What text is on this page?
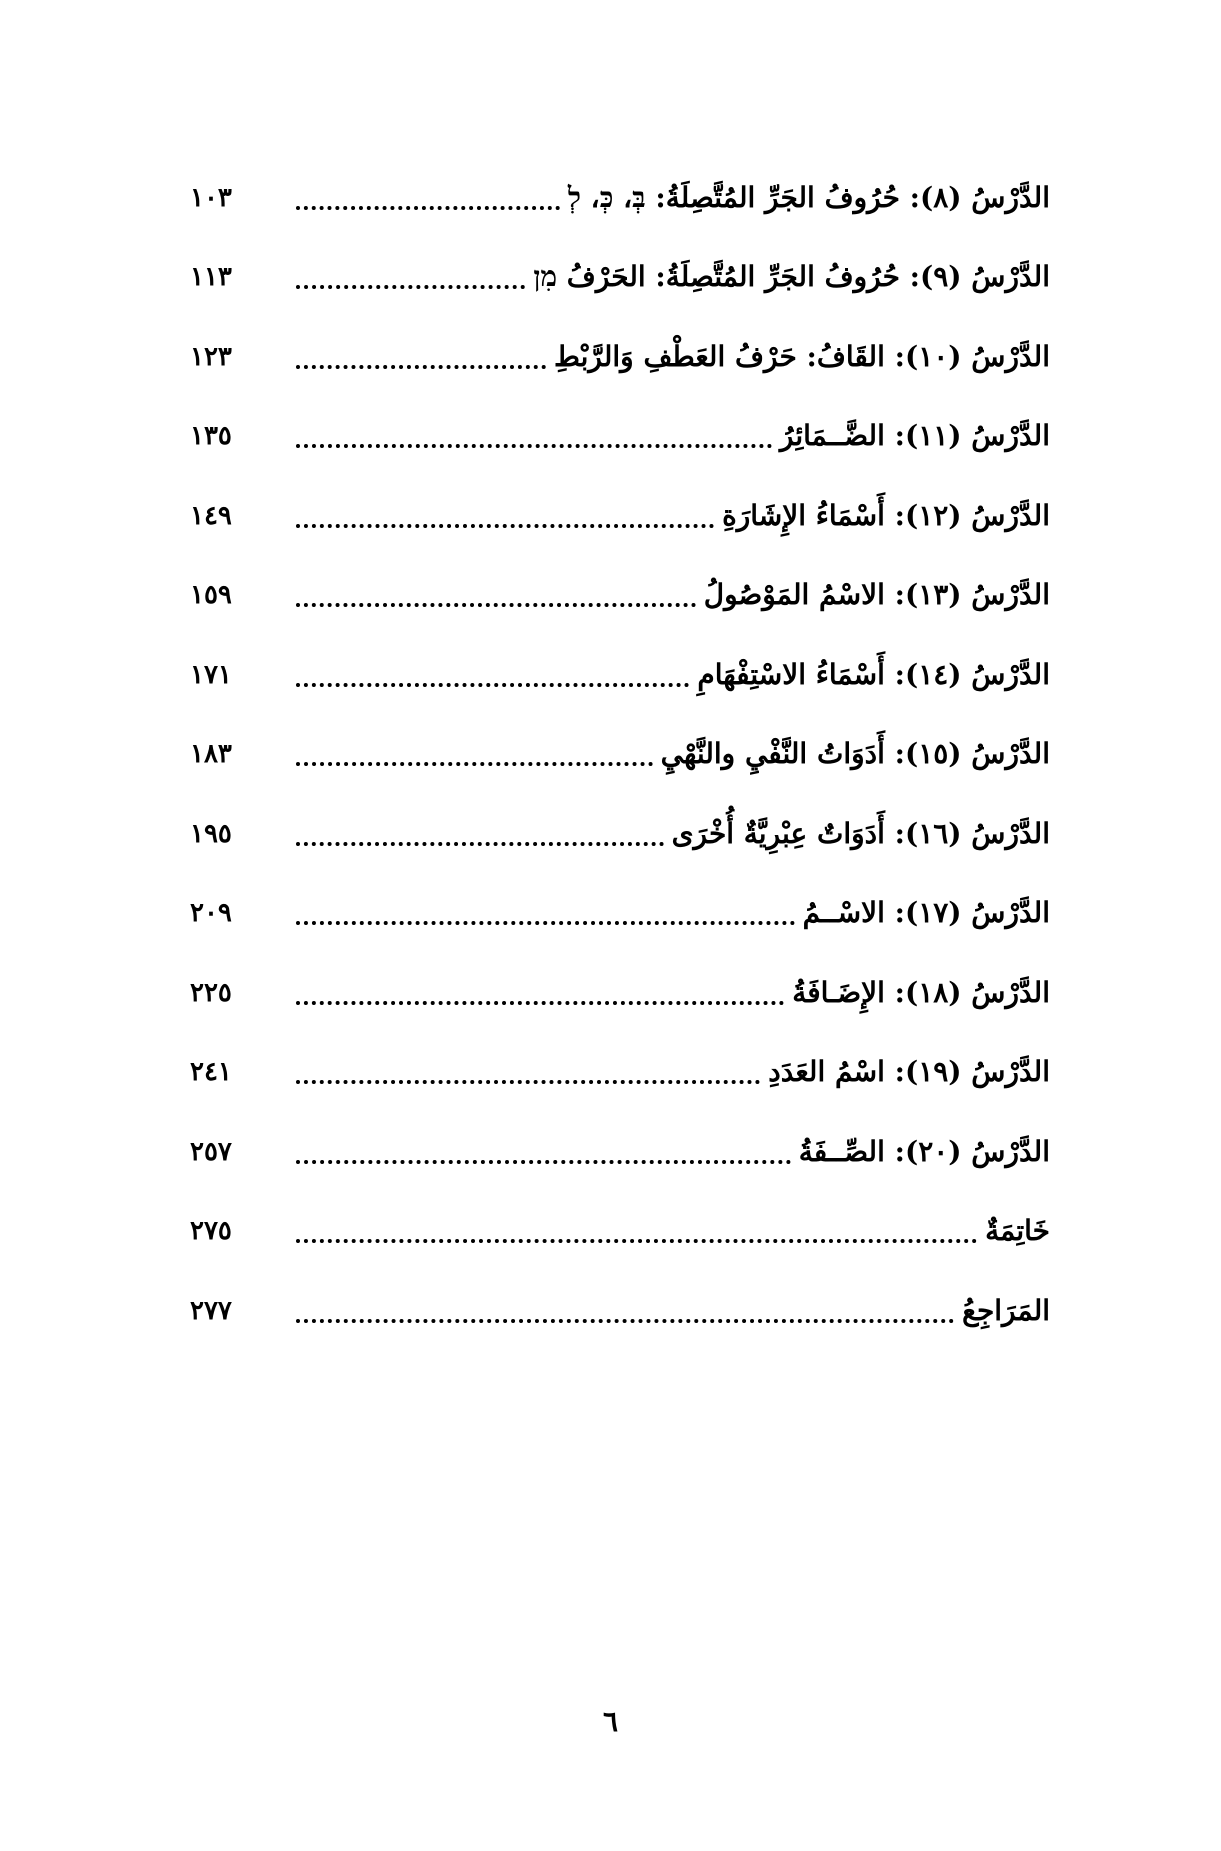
الدَّرْسُ (٨): حُرُوفُ الجَرِّ المُتَّصِلَةُ: בְּ، כְּ، לְ
١٠٣
الدَّرْسُ (٩): حُرُوفُ الجَرِّ المُتَّصِلَةُ: الحَرْفُ מִן
١١٣
الدَّرْسُ (١٠): القَافُ: حَرْفُ العَطْفِ وَالرَّبْطِ
١٢٣
الدَّرْسُ (١١): الضَّــمَائِرُ
١٣٥
الدَّرْسُ (١٢): أَسْمَاءُ الإِشَارَةِ
١٤٩
الدَّرْسُ (١٣): الاسْمُ المَوْصُولُ
١٥٩
الدَّرْسُ (١٤): أَسْمَاءُ الاسْتِفْهَامِ
١٧١
الدَّرْسُ (١٥): أَدَوَاتُ النَّفْيِ والنَّهْيِ
١٨٣
الدَّرْسُ (١٦): أَدَوَاتٌ عِبْرِيَّةٌ أُخْرَى
١٩٥
الدَّرْسُ (١٧): الاسْــمُ
٢٠٩
الدَّرْسُ (١٨): الإِضَـافَةُ
٢٢٥
الدَّرْسُ (١٩): اسْمُ العَدَدِ
٢٤١
الدَّرْسُ (٢٠): الصِّــفَةُ
٢٥٧
خَاتِمَةٌ
٢٧٥
المَرَاجِعُ
٢٧٧
٦
